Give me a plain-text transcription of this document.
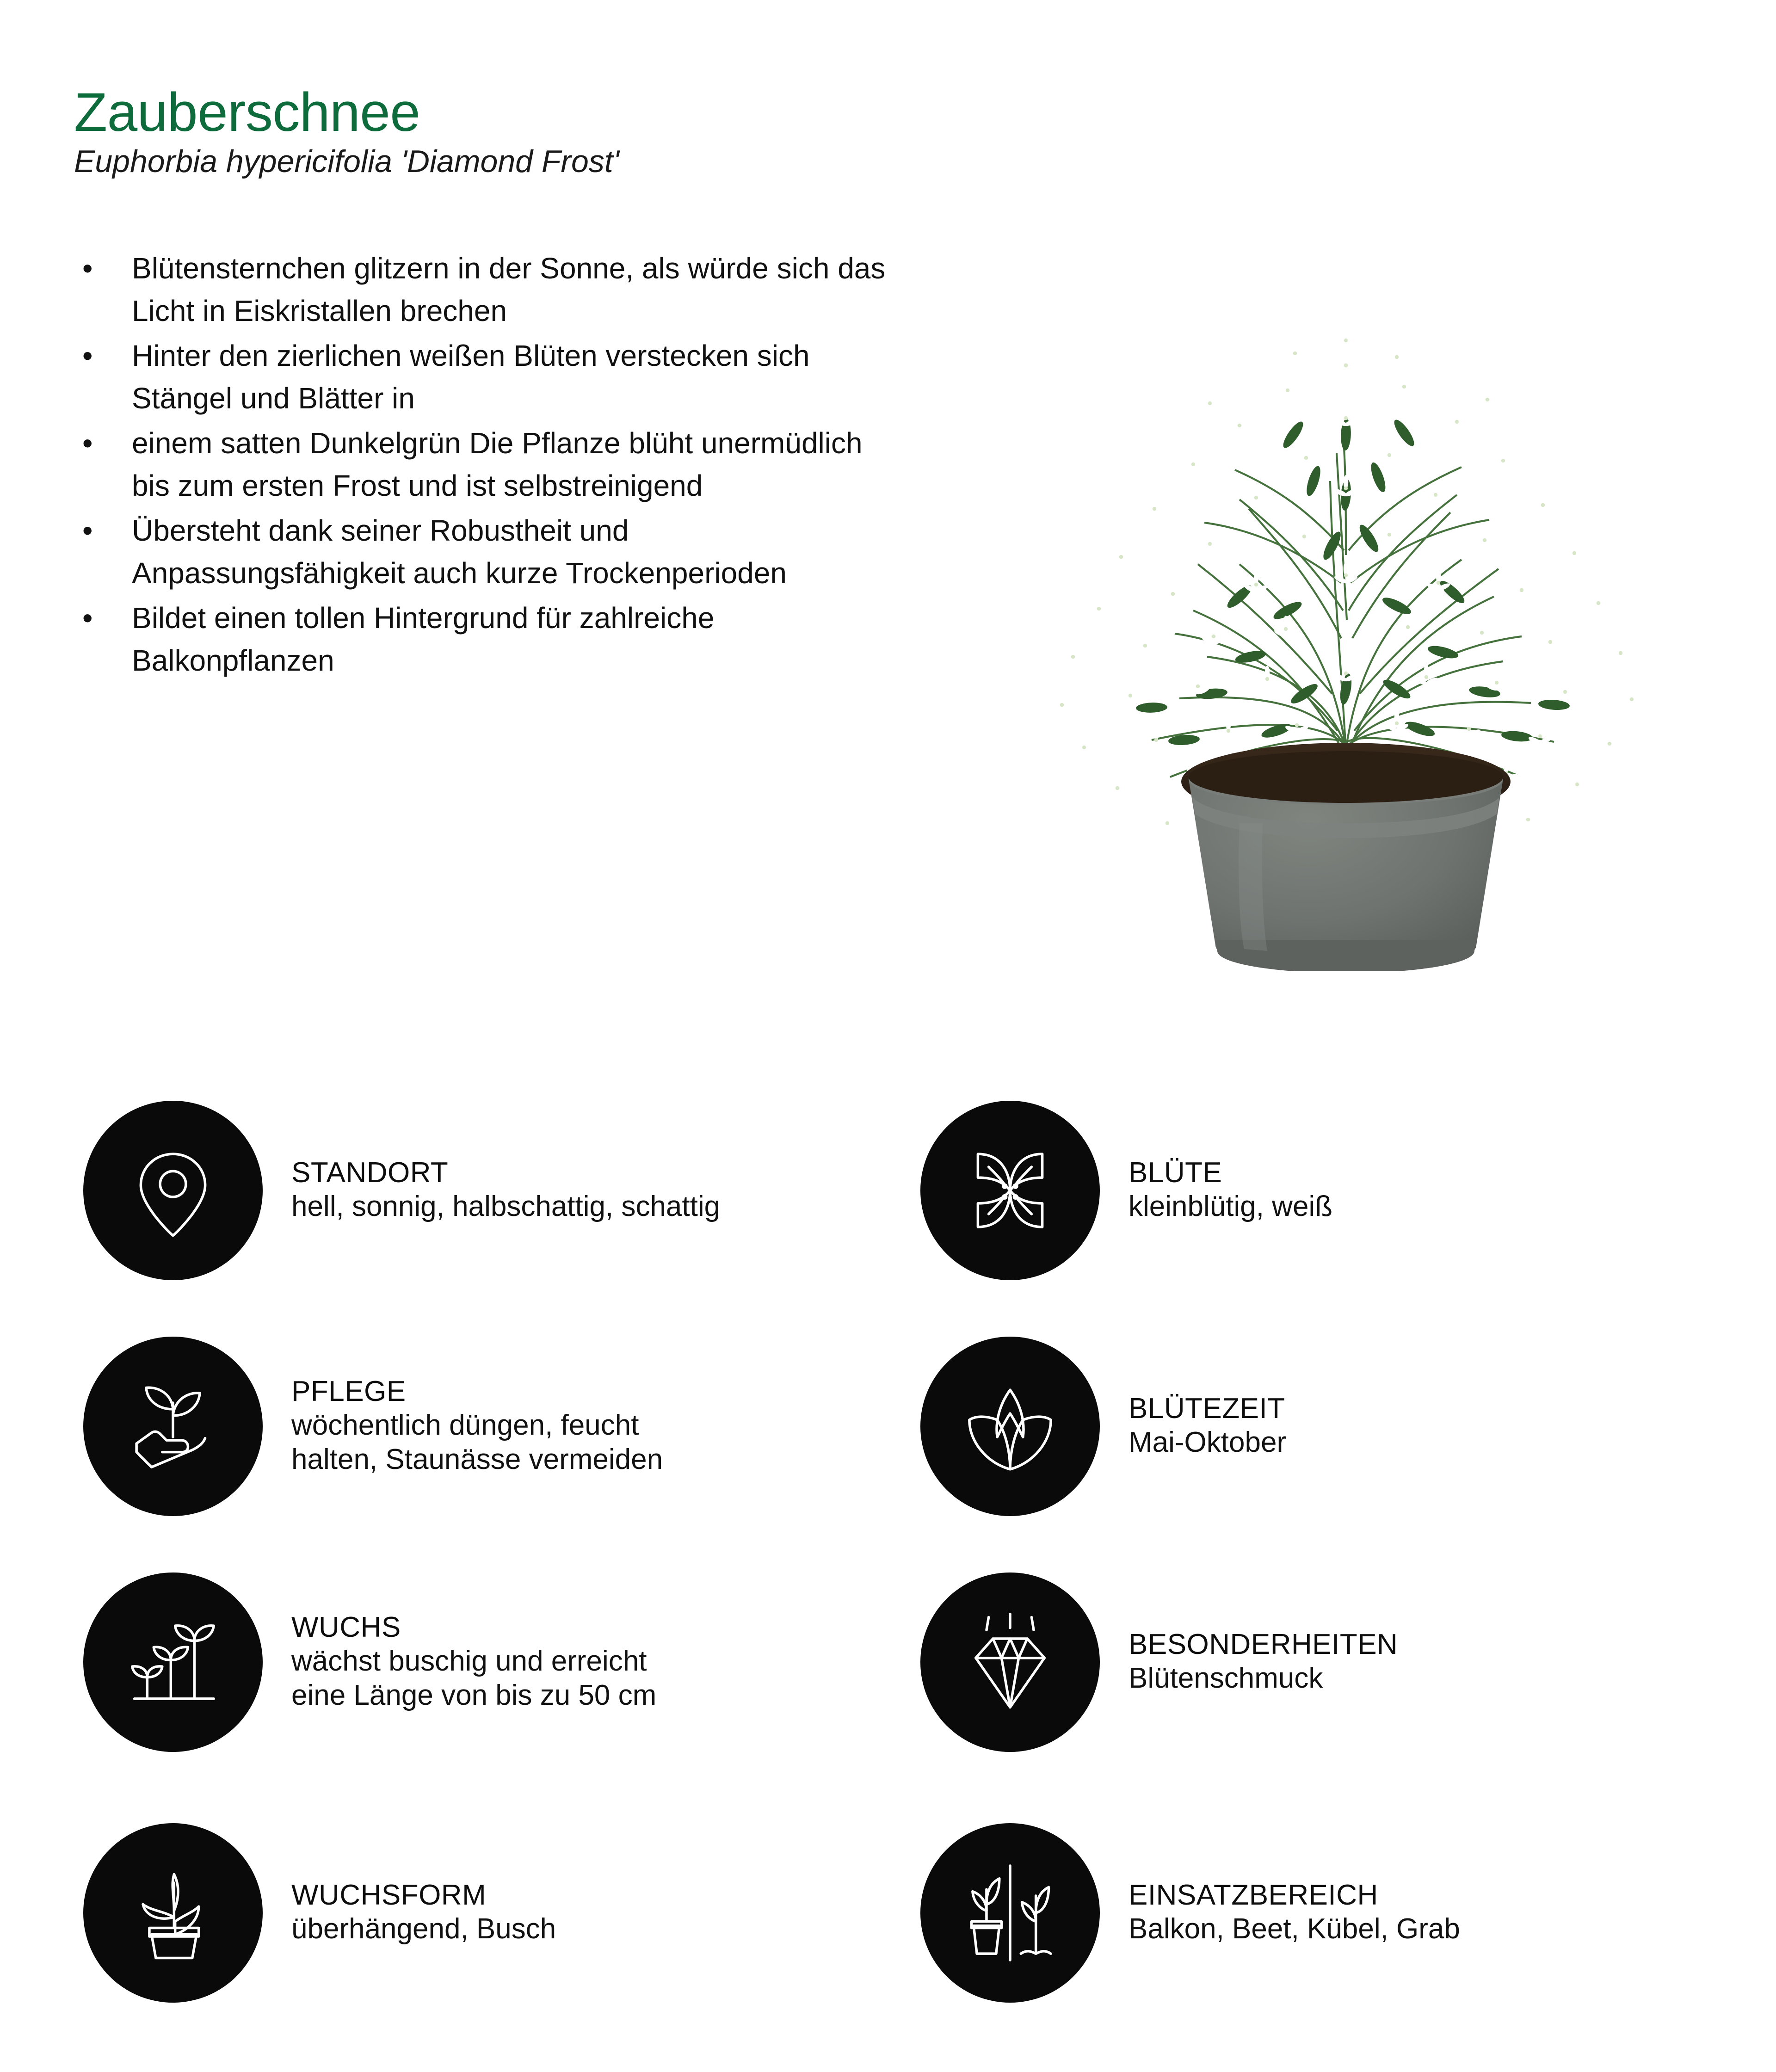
Zauberschnee
Euphorbia hypericifolia 'Diamond Frost'
• Blütensternchen glitzern in der Sonne, als würde sich das Licht in Eiskristallen brechen
• Hinter den zierlichen weißen Blüten verstecken sich Stängel und Blätter in
• einem satten Dunkelgrün Die Pflanze blüht unermüdlich bis zum ersten Frost und ist selbstreinigend
• Übersteht dank seiner Robustheit und Anpassungsfähigkeit auch kurze Trockenperioden
• Bildet einen tollen Hintergrund für zahlreiche Balkonpflanzen
STANDORT
hell, sonnig, halbschattig, schattig
PFLEGE
wöchentlich düngen, feucht
halten, Staunässe vermeiden
WUCHS
wächst buschig und erreicht
eine Länge von bis zu 50 cm
WUCHSFORM
überhängend, Busch
BLÜTE
kleinblütig, weiß
BLÜTEZEIT
Mai-Oktober
BESONDERHEITEN
Blütenschmuck
EINSATZBEREICH
Balkon, Beet, Kübel, Grab
